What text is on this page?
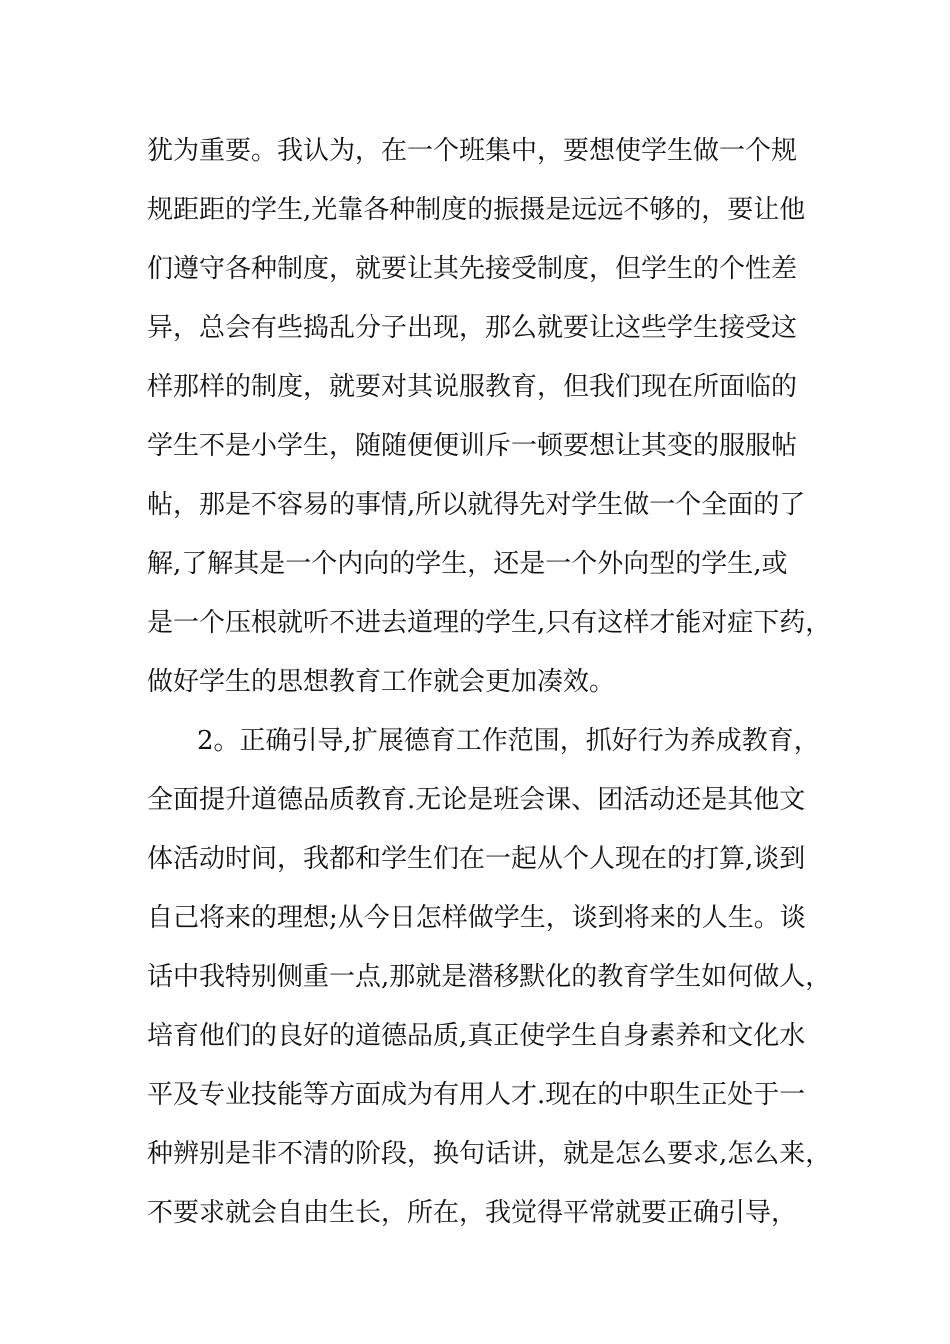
犹为重要。我认为，在一个班集中，要想使学生做一个规
规距距的学生,光靠各种制度的振摄是远远不够的，要让他
们遵守各种制度，就要让其先接受制度，但学生的个性差
异，总会有些捣乱分子出现，那么就要让这些学生接受这
样那样的制度，就要对其说服教育，但我们现在所面临的
学生不是小学生，随随便便训斥一顿要想让其变的服服帖
帖，那是不容易的事情,所以就得先对学生做一个全面的了
解,了解其是一个内向的学生，还是一个外向型的学生,或
是一个压根就听不进去道理的学生,只有这样才能对症下药，
做好学生的思想教育工作就会更加凑效。
2。正确引导,扩展德育工作范围，抓好行为养成教育，
全面提升道德品质教育.无论是班会课、团活动还是其他文
体活动时间，我都和学生们在一起从个人现在的打算,谈到
自己将来的理想;从今日怎样做学生，谈到将来的人生。谈
话中我特别侧重一点,那就是潜移默化的教育学生如何做人，
培育他们的良好的道德品质,真正使学生自身素养和文化水
平及专业技能等方面成为有用人才.现在的中职生正处于一
种辨别是非不清的阶段，换句话讲，就是怎么要求,怎么来，
不要求就会自由生长，所在，我觉得平常就要正确引导，
